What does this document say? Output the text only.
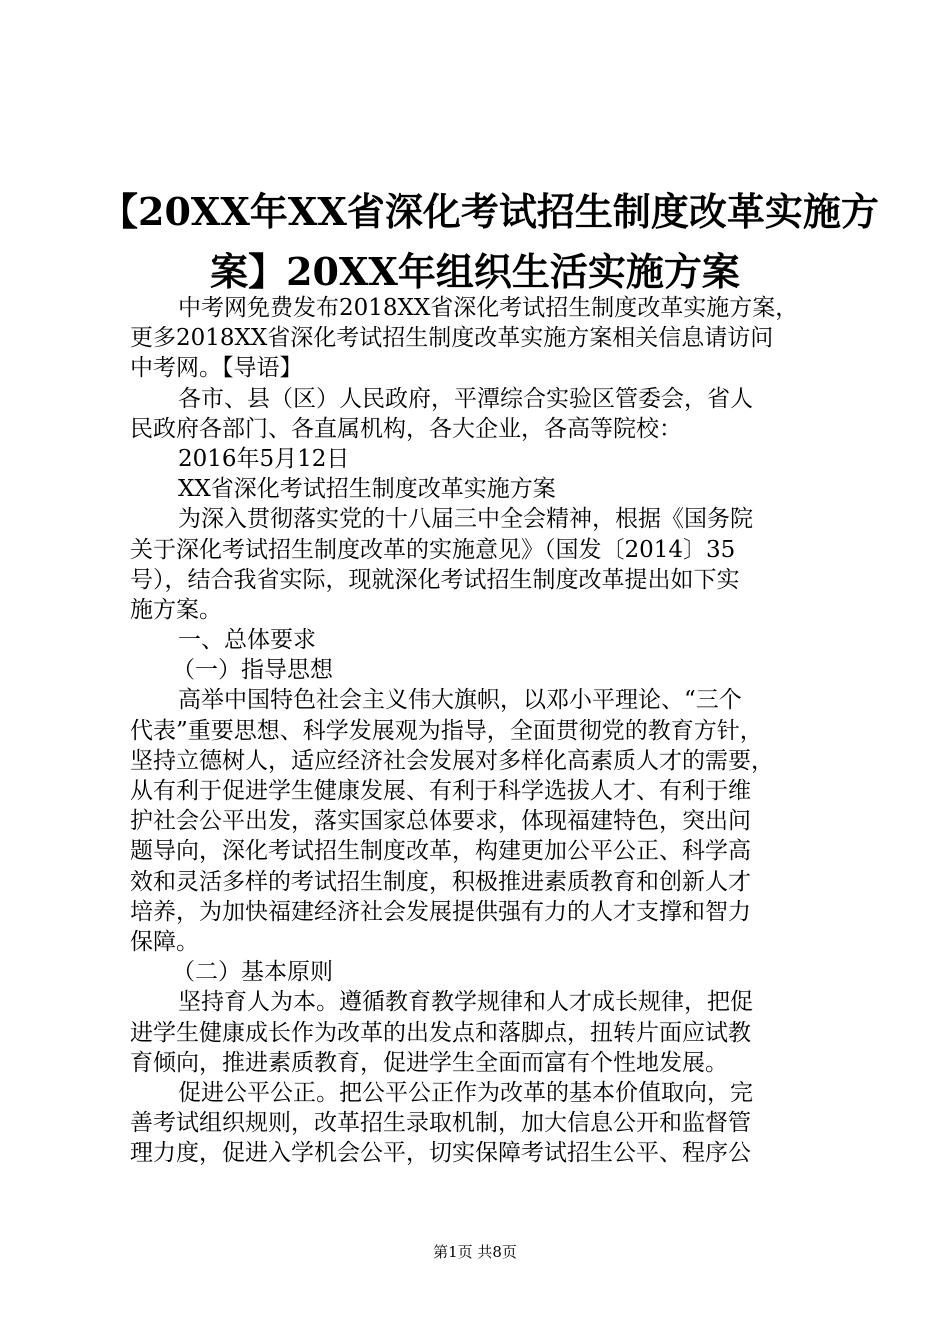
【20XX年XX省深化考试招生制度改革实施方
案】20XX年组织生活实施方案
中考网免费发布2018XX省深化考试招生制度改革实施方案，
更多2018XX省深化考试招生制度改革实施方案相关信息请访问
中考网。【导语】
各市、县（区）人民政府，平潭综合实验区管委会，省人
民政府各部门、各直属机构，各大企业，各高等院校：
2016年5月12日
XX省深化考试招生制度改革实施方案
为深入贯彻落实党的十八届三中全会精神，根据《国务院
关于深化考试招生制度改革的实施意见》（国发〔2014〕35
号），结合我省实际，现就深化考试招生制度改革提出如下实
施方案。
一、总体要求
（一）指导思想
高举中国特色社会主义伟大旗帜，以邓小平理论、“三个
代表”重要思想、科学发展观为指导，全面贯彻党的教育方针，
坚持立德树人，适应经济社会发展对多样化高素质人才的需要，
从有利于促进学生健康发展、有利于科学选拔人才、有利于维
护社会公平出发，落实国家总体要求，体现福建特色，突出问
题导向，深化考试招生制度改革，构建更加公平公正、科学高
效和灵活多样的考试招生制度，积极推进素质教育和创新人才
培养，为加快福建经济社会发展提供强有力的人才支撑和智力
保障。
（二）基本原则
坚持育人为本。遵循教育教学规律和人才成长规律，把促
进学生健康成长作为改革的出发点和落脚点，扭转片面应试教
育倾向，推进素质教育，促进学生全面而富有个性地发展。
促进公平公正。把公平公正作为改革的基本价值取向，完
善考试组织规则，改革招生录取机制，加大信息公开和监督管
理力度，促进入学机会公平，切实保障考试招生公平、程序公
第1页 共8页
